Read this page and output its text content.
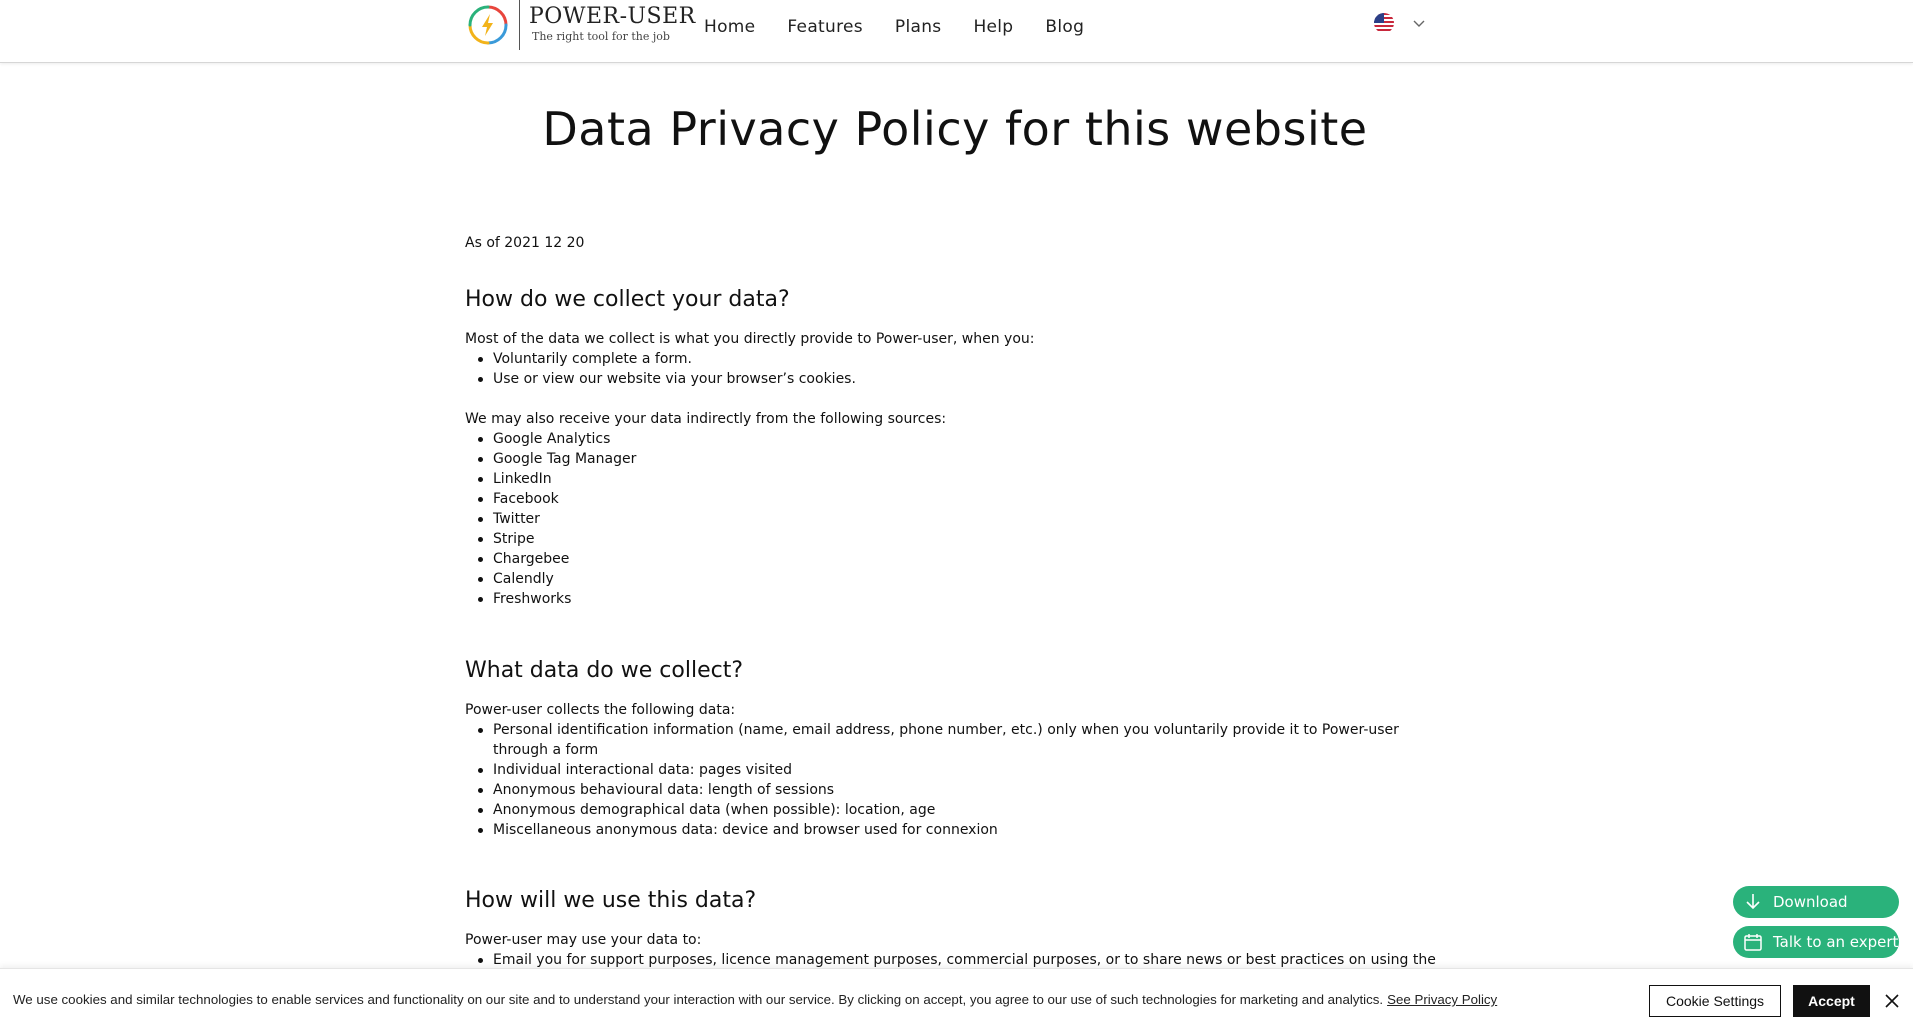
POWER-USER
The right tool for the job	Home Features Plans Help Blog
Data Privacy Policy for this website

As of 2021 12 20

How do we collect your data?

Most of the data we collect is what you directly provide to Power-user, when you:

Voluntarily complete a form.
Use or view our website via your browser’s cookies.

We may also receive your data indirectly from the following sources:

Google Analytics
Google Tag Manager
LinkedIn
Facebook
Twitter
Stripe
Chargebee
Calendly
Freshworks
What data do we collect?

Power-user collects the following data:

Personal identification information (name, email address, phone number, etc.) only when you voluntarily provide it to Power-user through a form
Individual interactional data: pages visited
Anonymous behavioural data: length of sessions
Anonymous demographical data (when possible): location, age
Miscellaneous anonymous data: device and browser used for connexion
How will we use this data?

Power-user may use your data to:

Email you for support purposes, licence management purposes, commercial purposes, or to share news or best practices on using the
Download
Talk to an expert
We use cookies and similar technologies to enable services and functionality on our site and to understand your interaction with our service. By clicking on accept, you agree to our use of such technologies for marketing and analytics. See Privacy Policy	Cookie Settings	Accept
